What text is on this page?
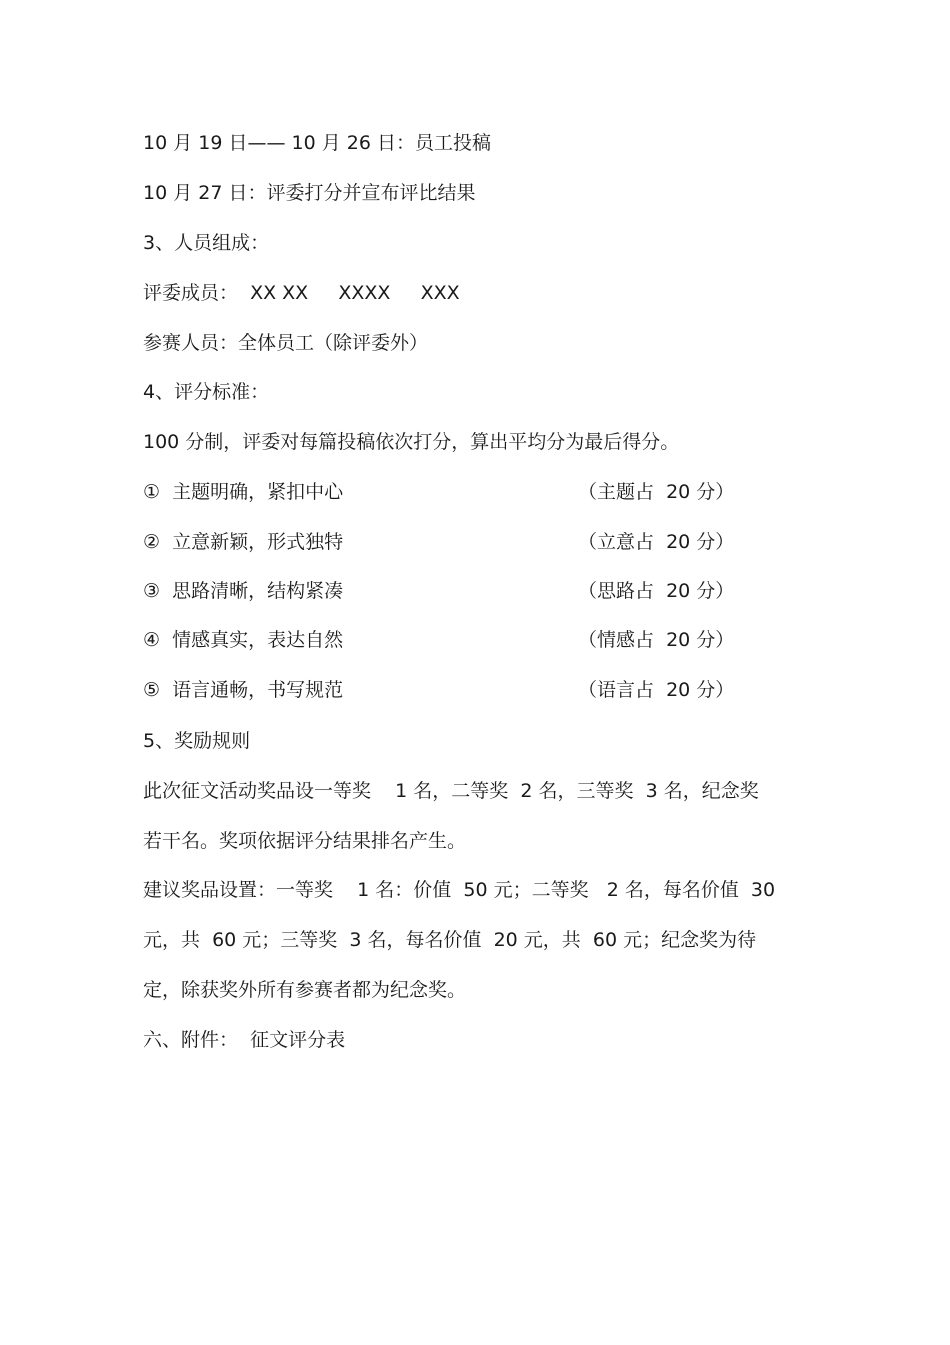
10 月 19 日—— 10 月 26 日：员工投稿
10 月 27 日：评委打分并宣布评比结果
3、人员组成：
评委成员：  XX XX     XXXX     XXX
参赛人员：全体员工（除评委外）
4、评分标准：
100 分制，评委对每篇投稿依次打分，算出平均分为最后得分。
①  主题明确，紧扣中心	（主题占  20 分）
②  立意新颖，形式独特	（立意占  20 分）
③  思路清晰，结构紧凑	（思路占  20 分）
④  情感真实，表达自然	（情感占  20 分）
⑤  语言通畅，书写规范	（语言占  20 分）
5、奖励规则
此次征文活动奖品设一等奖    1 名，二等奖  2 名，三等奖  3 名，纪念奖
若干名。奖项依据评分结果排名产生。
建议奖品设置：一等奖    1 名：价值  50 元；二等奖   2 名，每名价值  30
元，共  60 元；三等奖  3 名，每名价值  20 元，共  60 元；纪念奖为待
定，除获奖外所有参赛者都为纪念奖。
六、附件：  征文评分表
